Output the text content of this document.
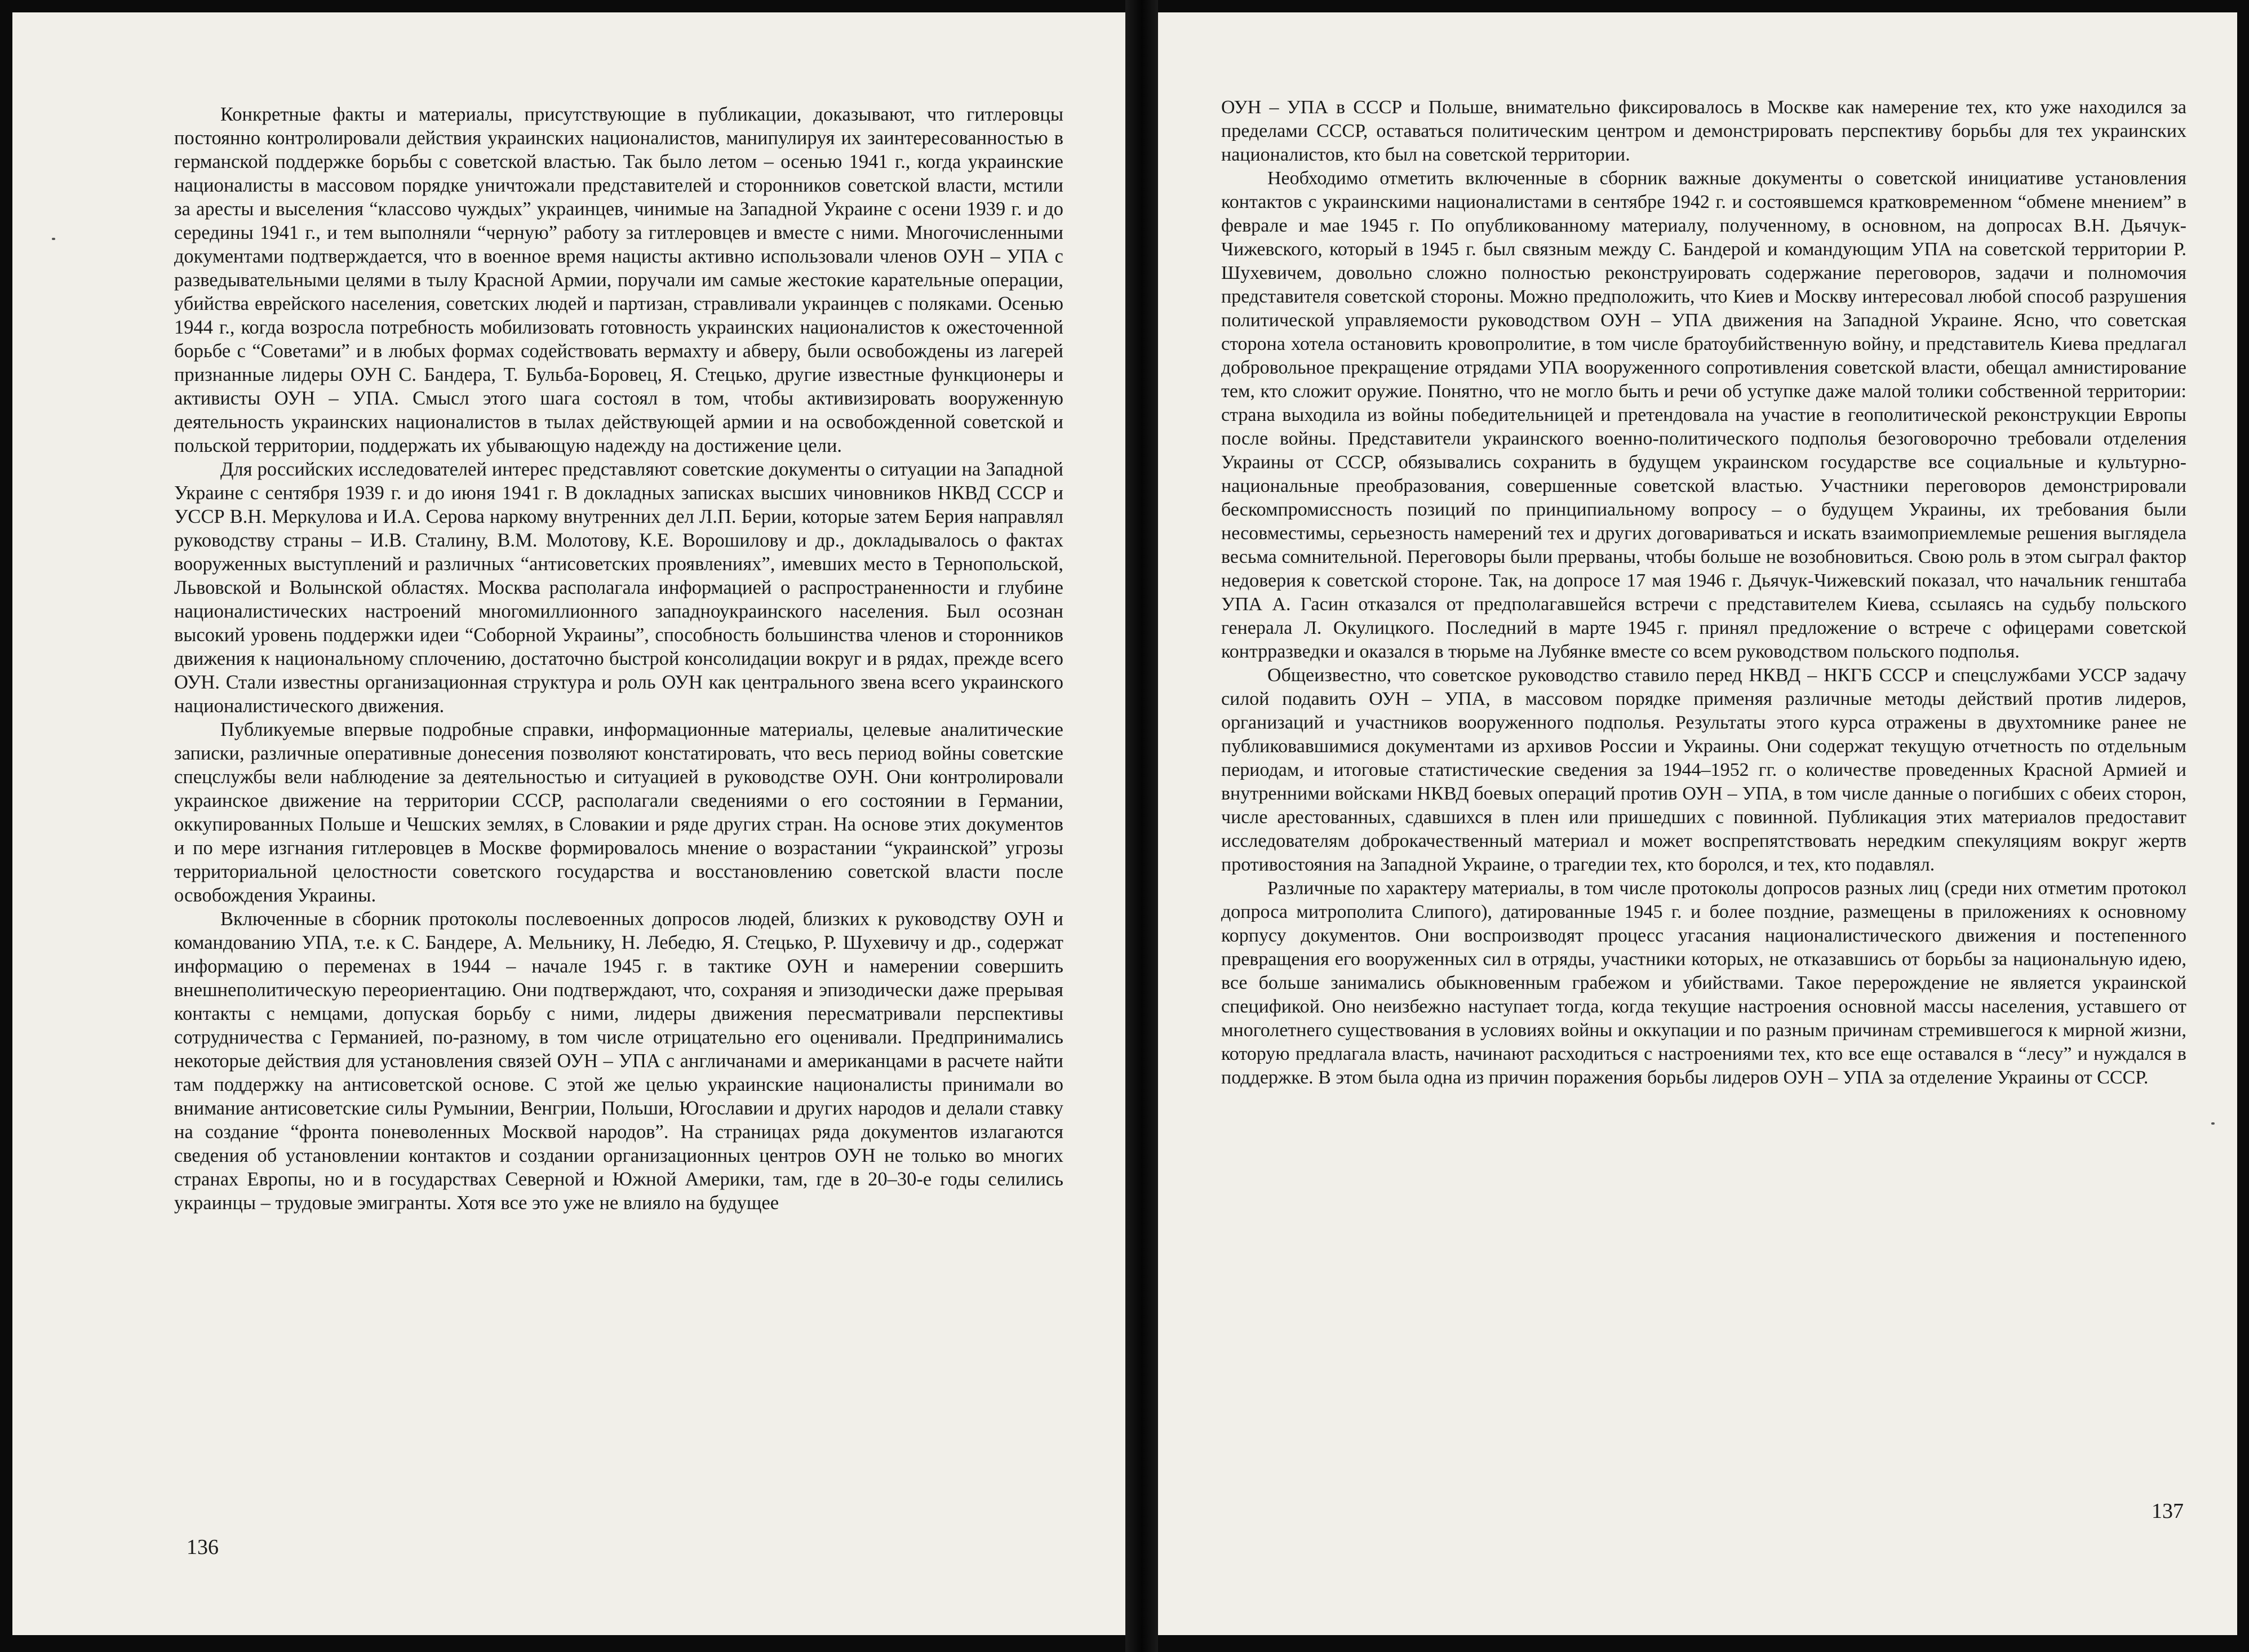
Конкретные факты и материалы, присутствующие в публикации, доказывают, что гитлеровцы постоянно контролировали действия украинских националистов, манипулируя их заинтересованностью в германской поддержке борьбы с советской властью. Так было летом – осенью 1941 г., когда украинские националисты в массовом порядке уничтожали представителей и сторонников советской власти, мстили за аресты и выселения “классово чуждых” украинцев, чинимые на Западной Украине с осени 1939 г. и до середины 1941 г., и тем выполняли “черную” работу за гитлеровцев и вместе с ними. Многочисленными документами подтверждается, что в военное время нацисты активно использовали членов ОУН – УПА с разведывательными целями в тылу Красной Армии, поручали им самые жестокие карательные операции, убийства еврейского населения, советских людей и партизан, стравливали украинцев с поляками. Осенью 1944 г., когда возросла потребность мобилизовать готовность украинских националистов к ожесточенной борьбе с “Советами” и в любых формах содействовать вермахту и абверу, были освобождены из лагерей признанные лидеры ОУН С. Бандера, Т. Бульба-Боровец, Я. Стецько, другие известные функционеры и активисты ОУН – УПА. Смысл этого шага состоял в том, чтобы активизировать вооруженную деятельность украинских националистов в тылах действующей армии и на освобожденной советской и польской территории, поддержать их убывающую надежду на достижение цели.

Для российских исследователей интерес представляют советские документы о ситуации на Западной Украине с сентября 1939 г. и до июня 1941 г. В докладных записках высших чиновников НКВД СССР и УССР В.Н. Меркулова и И.А. Серова наркому внутренних дел Л.П. Берии, которые затем Берия направлял руководству страны – И.В. Сталину, В.М. Молотову, К.Е. Ворошилову и др., докладывалось о фактах вооруженных выступлений и различных “антисоветских проявлениях”, имевших место в Тернопольской, Львовской и Волынской областях. Москва располагала информацией о распространенности и глубине националистических настроений многомиллионного западноукраинского населения. Был осознан высокий уровень поддержки идеи “Соборной Украины”, способность большинства членов и сторонников движения к национальному сплочению, достаточно быстрой консолидации вокруг и в рядах, прежде всего ОУН. Стали известны организационная структура и роль ОУН как центрального звена всего украинского националистического движения.

Публикуемые впервые подробные справки, информационные материалы, целевые аналитические записки, различные оперативные донесения позволяют констатировать, что весь период войны советские спецслужбы вели наблюдение за деятельностью и ситуацией в руководстве ОУН. Они контролировали украинское движение на территории СССР, располагали сведениями о его состоянии в Германии, оккупированных Польше и Чешских землях, в Словакии и ряде других стран. На основе этих документов и по мере изгнания гитлеровцев в Москве формировалось мнение о возрастании “украинской” угрозы территориальной целостности советского государства и восстановлению советской власти после освобождения Украины.

Включенные в сборник протоколы послевоенных допросов людей, близких к руководству ОУН и командованию УПА, т.е. к С. Бандере, А. Мельнику, Н. Лебедю, Я. Стецько, Р. Шухевичу и др., содержат информацию о переменах в 1944 – начале 1945 г. в тактике ОУН и намерении совершить внешнеполитическую переориентацию. Они подтверждают, что, сохраняя и эпизодически даже прерывая контакты с немцами, допуская борьбу с ними, лидеры движения пересматривали перспективы сотрудничества с Германией, по-разному, в том числе отрицательно его оценивали. Предпринимались некоторые действия для установления связей ОУН – УПА с англичанами и американцами в расчете найти там поддержку на антисоветской основе. С этой же целью украинские националисты принимали во внимание антисоветские силы Румынии, Венгрии, Польши, Югославии и других народов и делали ставку на создание “фронта поневоленных Москвой народов”. На страницах ряда документов излагаются сведения об установлении контактов и создании организационных центров ОУН не только во многих странах Европы, но и в государствах Северной и Южной Америки, там, где в 20–30-е годы селились украинцы – трудовые эмигранты. Хотя все это уже не влияло на будущее

136

ОУН – УПА в СССР и Польше, внимательно фиксировалось в Москве как намерение тех, кто уже находился за пределами СССР, оставаться политическим центром и демонстрировать перспективу борьбы для тех украинских националистов, кто был на советской территории.

Необходимо отметить включенные в сборник важные документы о советской инициативе установления контактов с украинскими националистами в сентябре 1942 г. и состоявшемся кратковременном “обмене мнением” в феврале и мае 1945 г. По опубликованному материалу, полученному, в основном, на допросах В.Н. Дьячук-Чижевского, который в 1945 г. был связным между С. Бандерой и командующим УПА на советской территории Р. Шухевичем, довольно сложно полностью реконструировать содержание переговоров, задачи и полномочия представителя советской стороны. Можно предположить, что Киев и Москву интересовал любой способ разрушения политической управляемости руководством ОУН – УПА движения на Западной Украине. Ясно, что советская сторона хотела остановить кровопролитие, в том числе братоубийственную войну, и представитель Киева предлагал добровольное прекращение отрядами УПА вооруженного сопротивления советской власти, обещал амнистирование тем, кто сложит оружие. Понятно, что не могло быть и речи об уступке даже малой толики собственной территории: страна выходила из войны победительницей и претендовала на участие в геополитической реконструкции Европы после войны. Представители украинского военно-политического подполья безоговорочно требовали отделения Украины от СССР, обязывались сохранить в будущем украинском государстве все социальные и культурно-национальные преобразования, совершенные советской властью. Участники переговоров демонстрировали бескомпромиссность позиций по принципиальному вопросу – о будущем Украины, их требования были несовместимы, серьезность намерений тех и других договариваться и искать взаимоприемлемые решения выглядела весьма сомнительной. Переговоры были прерваны, чтобы больше не возобновиться. Свою роль в этом сыграл фактор недоверия к советской стороне. Так, на допросе 17 мая 1946 г. Дьячук-Чижевский показал, что начальник генштаба УПА А. Гасин отказался от предполагавшейся встречи с представителем Киева, ссылаясь на судьбу польского генерала Л. Окулицкого. Последний в марте 1945 г. принял предложение о встрече с офицерами советской контрразведки и оказался в тюрьме на Лубянке вместе со всем руководством польского подполья.

Общеизвестно, что советское руководство ставило перед НКВД – НКГБ СССР и спецслужбами УССР задачу силой подавить ОУН – УПА, в массовом порядке применяя различные методы действий против лидеров, организаций и участников вооруженного подполья. Результаты этого курса отражены в двухтомнике ранее не публиковавшимися документами из архивов России и Украины. Они содержат текущую отчетность по отдельным периодам, и итоговые статистические сведения за 1944–1952 гг. о количестве проведенных Красной Армией и внутренними войсками НКВД боевых операций против ОУН – УПА, в том числе данные о погибших с обеих сторон, числе арестованных, сдавшихся в плен или пришедших с повинной. Публикация этих материалов предоставит исследователям доброкачественный материал и может воспрепятствовать нередким спекуляциям вокруг жертв противостояния на Западной Украине, о трагедии тех, кто боролся, и тех, кто подавлял.

Различные по характеру материалы, в том числе протоколы допросов разных лиц (среди них отметим протокол допроса митрополита Слипого), датированные 1945 г. и более поздние, размещены в приложениях к основному корпусу документов. Они воспроизводят процесс угасания националистического движения и постепенного превращения его вооруженных сил в отряды, участники которых, не отказавшись от борьбы за национальную идею, все больше занимались обыкновенным грабежом и убийствами. Такое перерождение не является украинской спецификой. Оно неизбежно наступает тогда, когда текущие настроения основной массы населения, уставшего от многолетнего существования в условиях войны и оккупации и по разным причинам стремившегося к мирной жизни, которую предлагала власть, начинают расходиться с настроениями тех, кто все еще оставался в “лесу” и нуждался в поддержке. В этом была одна из причин поражения борьбы лидеров ОУН – УПА за отделение Украины от СССР.

137
